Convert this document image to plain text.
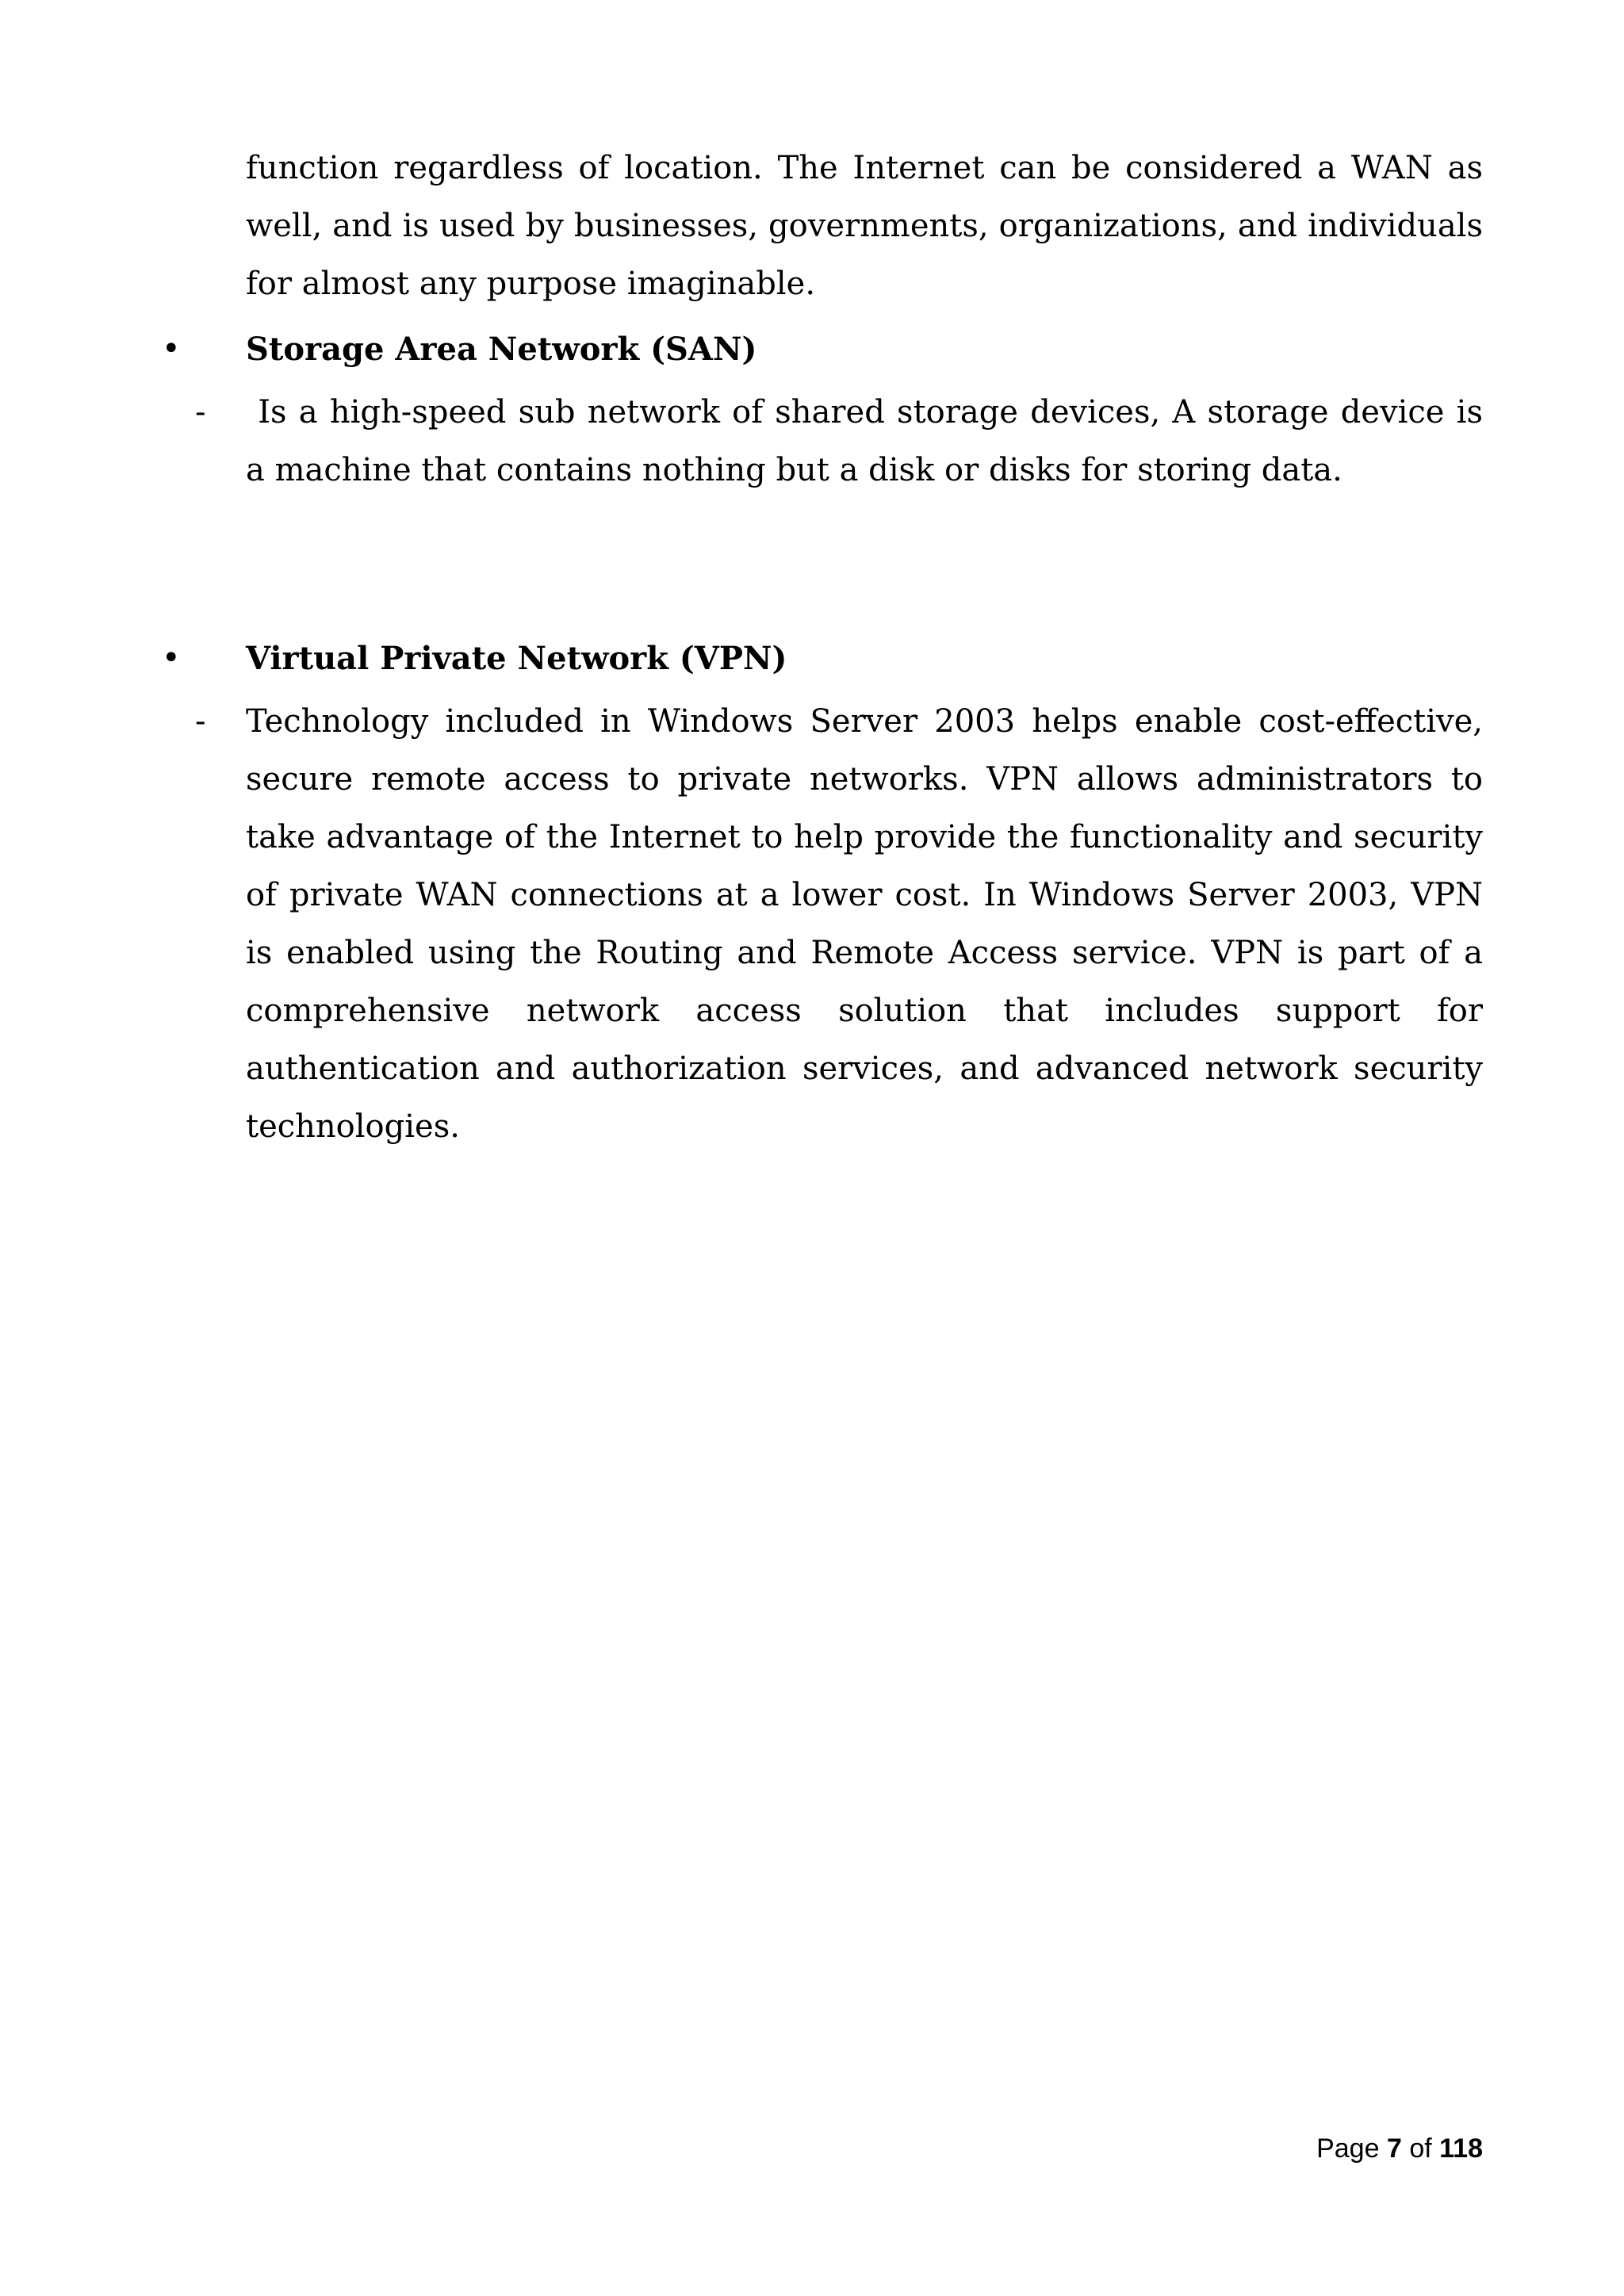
function regardless of location. The Internet can be considered a WAN as well, and is used by businesses, governments, organizations, and individuals for almost any purpose imaginable.

• Storage Area Network (SAN)
- Is a high-speed sub network of shared storage devices, A storage device is a machine that contains nothing but a disk or disks for storing data.

• Virtual Private Network (VPN)
- Technology included in Windows Server 2003 helps enable cost-effective, secure remote access to private networks. VPN allows administrators to take advantage of the Internet to help provide the functionality and security of private WAN connections at a lower cost. In Windows Server 2003, VPN is enabled using the Routing and Remote Access service. VPN is part of a comprehensive network access solution that includes support for authentication and authorization services, and advanced network security technologies.

Page 7 of 118
